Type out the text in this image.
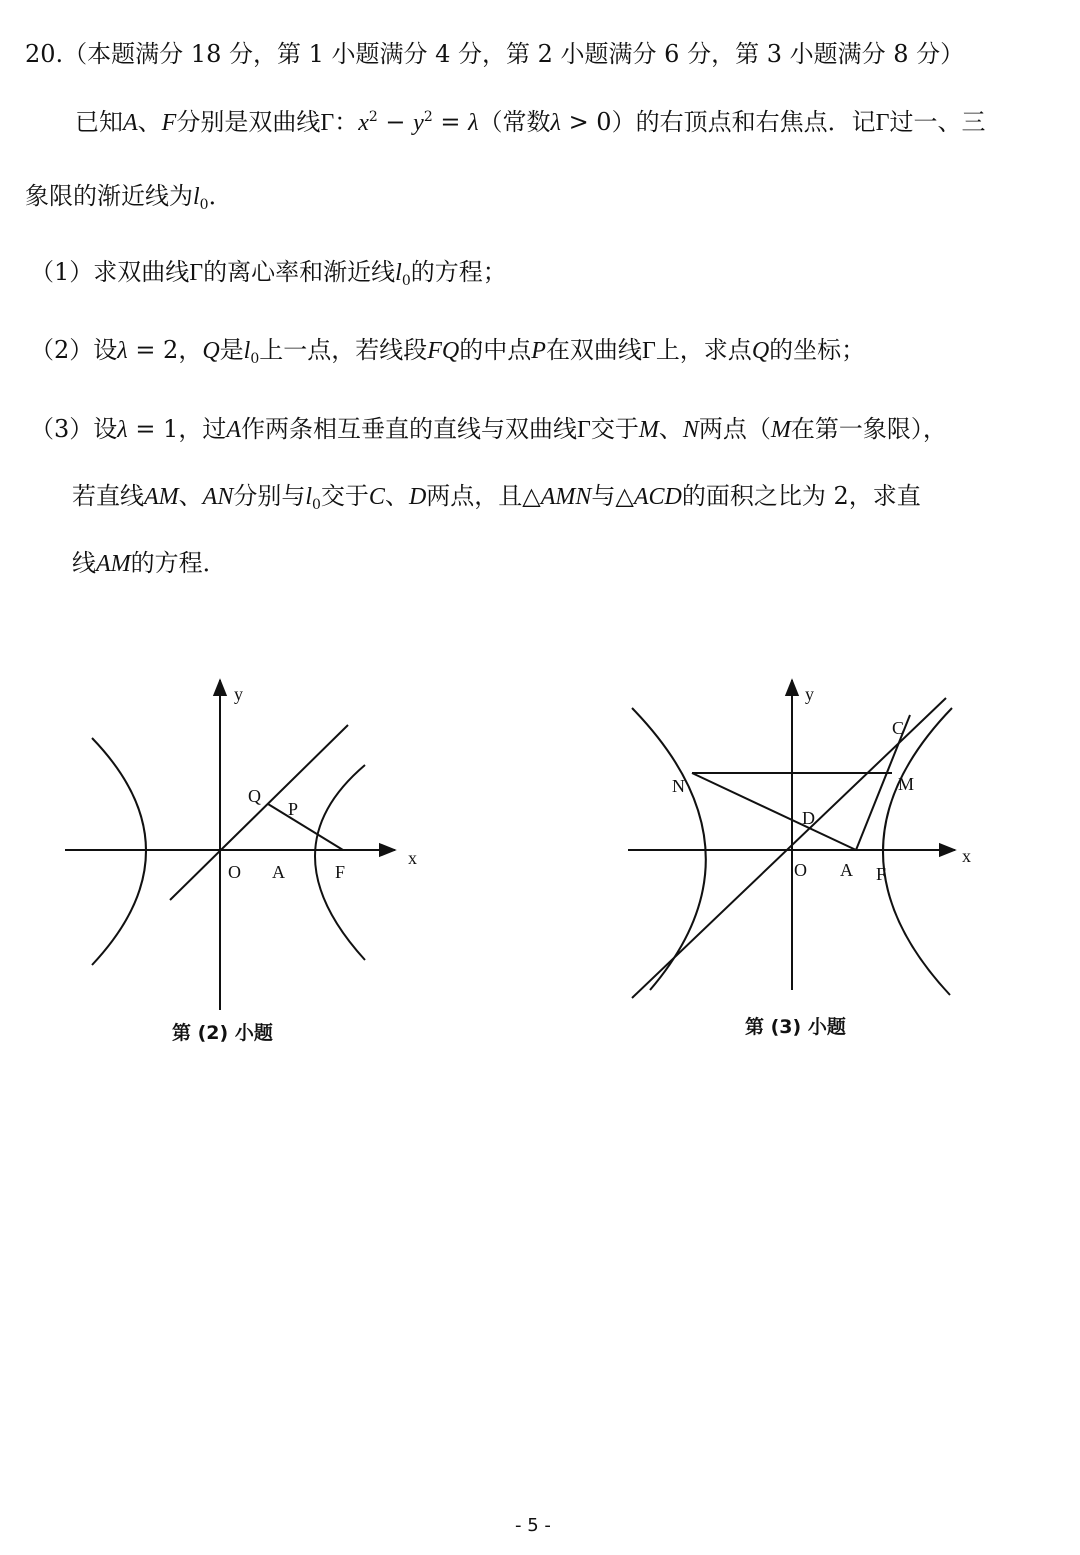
20.（本题满分 18 分，第 1 小题满分 4 分，第 2 小题满分 6 分，第 3 小题满分 8 分）
已知A、F分别是双曲线Γ：$x^2 - y^2 = \lambda$（常数λ > 0）的右顶点和右焦点．记Γ过一、三
象限的渐近线为$l_0$．
（1）求双曲线Γ的离心率和渐近线$l_0$的方程；
（2）设λ = 2，Q是$l_0$上一点，若线段FQ的中点P在双曲线Γ上，求点Q的坐标；
（3）设λ = 1，过A作两条相互垂直的直线与双曲线Γ交于M、N两点（M在第一象限），
若直线AM、AN分别与$l_0$交于C、D两点，且△AMN与△ACD的面积之比为 2，求直
线AM的方程．
y
x
O A	F
Q
P
第 (2) 小题
y
x
O A F
C
M
N
D
第 (3) 小题
- 5 -
